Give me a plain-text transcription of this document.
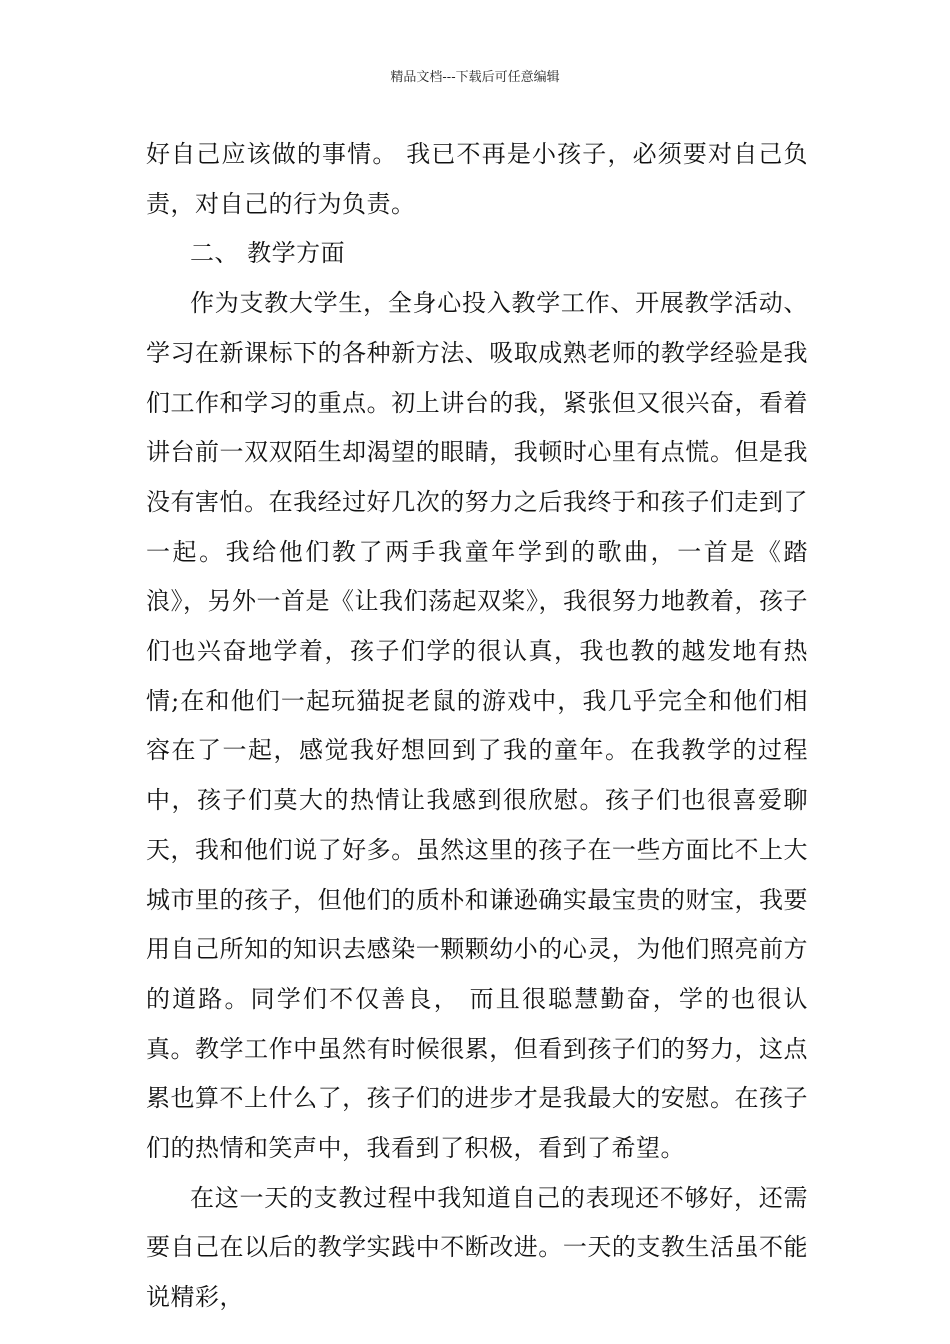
精品文档---下载后可任意编辑

好自己应该做的事情。 我已不再是小孩子，必须要对自己负责，对自己的行为负责。

二、 教学方面

作为支教大学生，全身心投入教学工作、开展教学活动、学习在新课标下的各种新方法、吸取成熟老师的教学经验是我们工作和学习的重点。初上讲台的我，紧张但又很兴奋，看着讲台前一双双陌生却渴望的眼睛，我顿时心里有点慌。但是我没有害怕。在我经过好几次的努力之后我终于和孩子们走到了一起。我给他们教了两手我童年学到的歌曲，一首是《踏浪》，另外一首是《让我们荡起双桨》，我很努力地教着，孩子们也兴奋地学着，孩子们学的很认真，我也教的越发地有热情;在和他们一起玩猫捉老鼠的游戏中，我几乎完全和他们相容在了一起，感觉我好想回到了我的童年。在我教学的过程中，孩子们莫大的热情让我感到很欣慰。孩子们也很喜爱聊天，我和他们说了好多。虽然这里的孩子在一些方面比不上大城市里的孩子，但他们的质朴和谦逊确实最宝贵的财宝，我要用自己所知的知识去感染一颗颗幼小的心灵，为他们照亮前方的道路。同学们不仅善良， 而且很聪慧勤奋，学的也很认真。教学工作中虽然有时候很累，但看到孩子们的努力，这点累也算不上什么了，孩子们的进步才是我最大的安慰。在孩子们的热情和笑声中，我看到了积极，看到了希望。

在这一天的支教过程中我知道自己的表现还不够好，还需要自己在以后的教学实践中不断改进。一天的支教生活虽不能说精彩，
